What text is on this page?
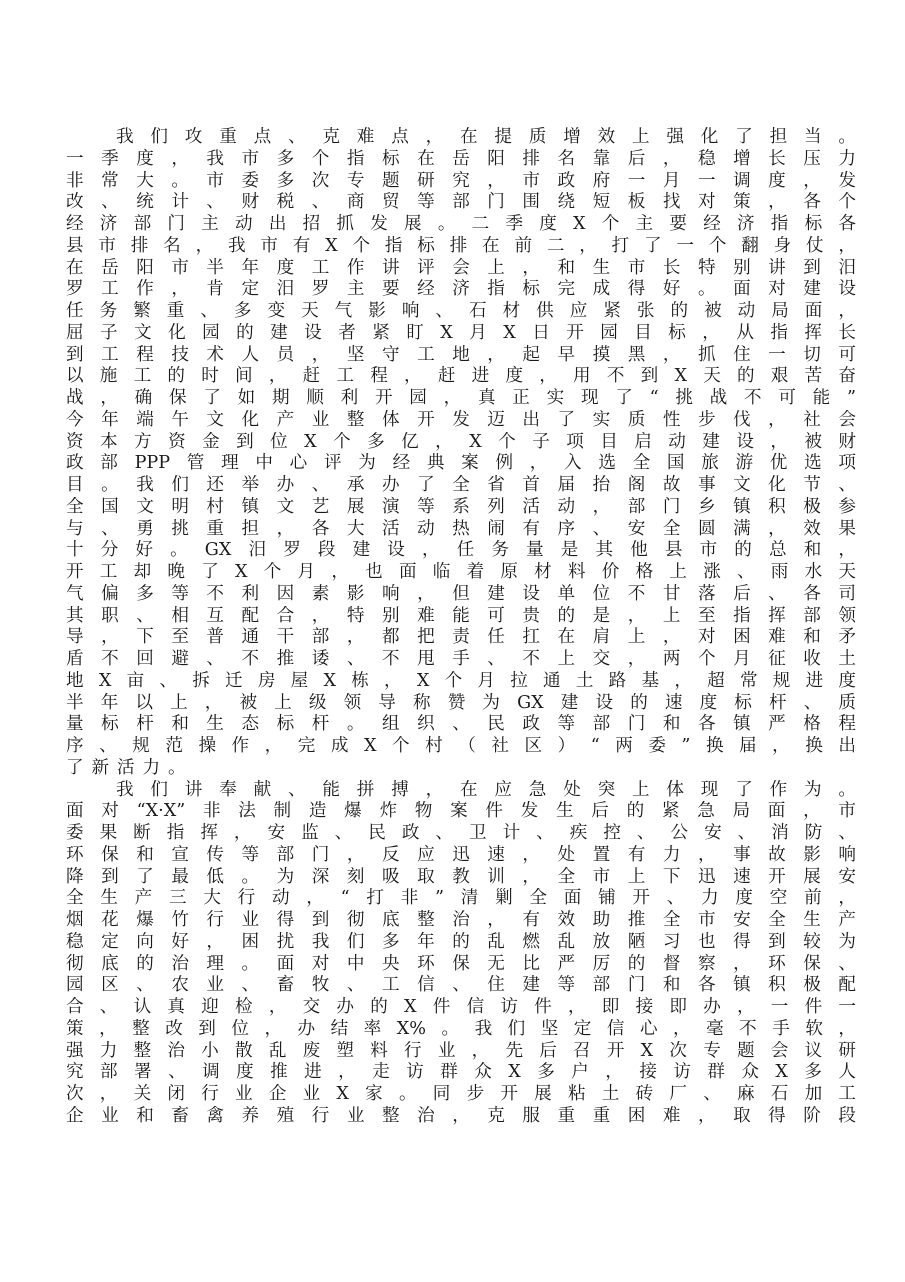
我们攻重点、克难点，在提质增效上强化了担当。
一季度，我市多个指标在岳阳排名靠后，稳增长压力
非常大。市委多次专题研究，市政府一月一调度，发
改、统计、财税、商贸等部门围绕短板找对策，各个
经济部门主动出招抓发展。二季度X个主要经济指标各
县市排名，我市有X个指标排在前二，打了一个翻身仗，
在岳阳市半年度工作讲评会上，和生市长特别讲到汨
罗工作，肯定汨罗主要经济指标完成得好。面对建设
任务繁重、多变天气影响、石材供应紧张的被动局面，
屈子文化园的建设者紧盯X月X日开园目标，从指挥长
到工程技术人员，坚守工地，起早摸黑，抓住一切可
以施工的时间，赶工程，赶进度，用不到X天的艰苦奋
战，确保了如期顺利开园，真正实现了“挑战不可能”
今年端午文化产业整体开发迈出了实质性步伐，社会
资本方资金到位X个多亿，X个子项目启动建设，被财
政部PPP管理中心评为经典案例，入选全国旅游优选项
目。我们还举办、承办了全省首届抬阁故事文化节、
全国文明村镇文艺展演等系列活动，部门乡镇积极参
与、勇挑重担，各大活动热闹有序、安全圆满，效果
十分好。GX汨罗段建设，任务量是其他县市的总和，
开工却晚了X个月，也面临着原材料价格上涨、雨水天
气偏多等不利因素影响，但建设单位不甘落后、各司
其职、相互配合，特别难能可贵的是，上至指挥部领
导，下至普通干部，都把责任扛在肩上，对困难和矛
盾不回避、不推诿、不甩手、不上交，两个月征收土
地X亩、拆迁房屋X栋，X个月拉通土路基，超常规进度
半年以上，被上级领导称赞为GX建设的速度标杆、质
量标杆和生态标杆。组织、民政等部门和各镇严格程
序、规范操作，完成X个村（社区）“两委”换届，换出
了新活力。
我们讲奉献、能拼搏，在应急处突上体现了作为。
面对“X·X”非法制造爆炸物案件发生后的紧急局面，市
委果断指挥，安监、民政、卫计、疾控、公安、消防、
环保和宣传等部门，反应迅速，处置有力，事故影响
降到了最低。为深刻吸取教训，全市上下迅速开展安
全生产三大行动，“打非”清剿全面铺开、力度空前，
烟花爆竹行业得到彻底整治，有效助推全市安全生产
稳定向好，困扰我们多年的乱燃乱放陋习也得到较为
彻底的治理。面对中央环保无比严厉的督察，环保、
园区、农业、畜牧、工信、住建等部门和各镇积极配
合、认真迎检，交办的X件信访件，即接即办，一件一
策，整改到位，办结率X%。我们坚定信心，毫不手软，
强力整治小散乱废塑料行业，先后召开X次专题会议研
究部署、调度推进，走访群众X多户，接访群众X多人
次，关闭行业企业X家。同步开展粘土砖厂、麻石加工
企业和畜禽养殖行业整治，克服重重困难，取得阶段
